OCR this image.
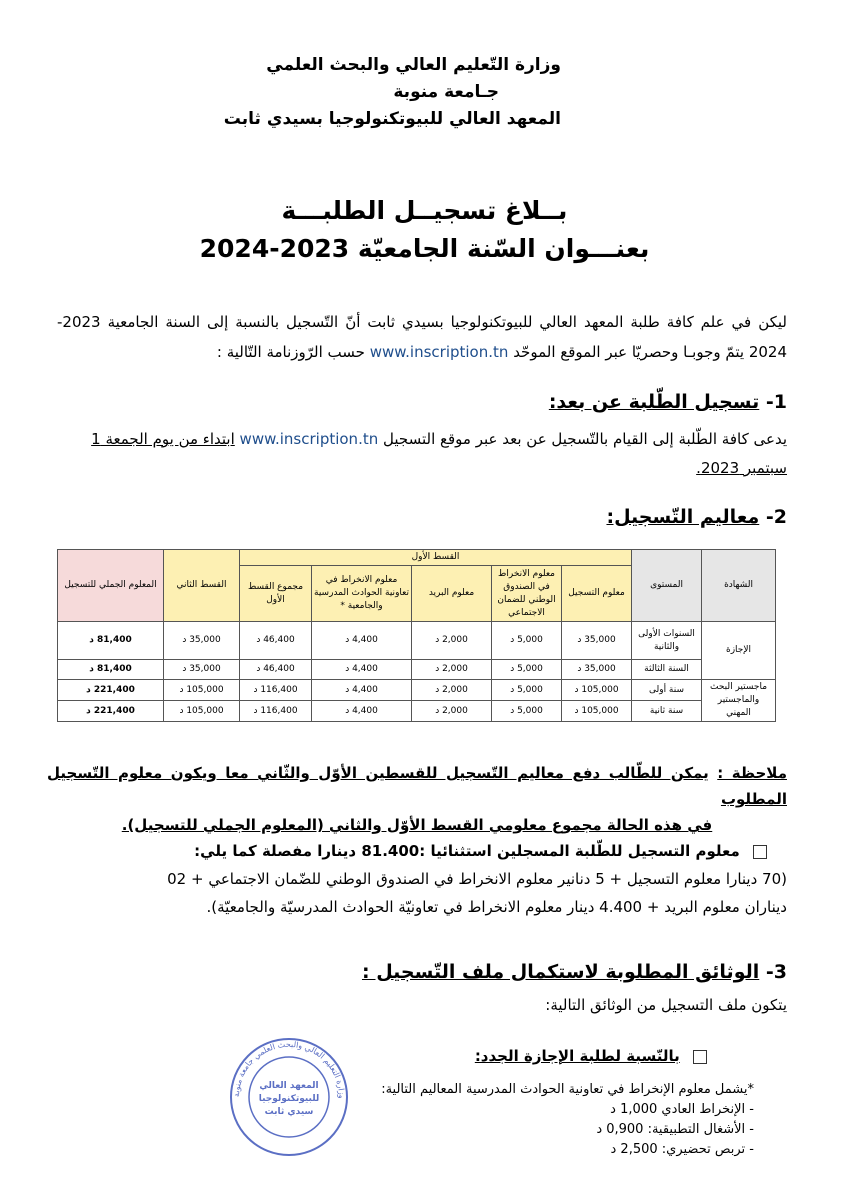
وزارة التّعليم العالي والبحث العلمي
جـامعة منوبة
المعهد العالي للبيوتكنولوجيا بسيدي ثابت
بــلاغ تسجيــل الطلبـــة
بعنـــوان السّنة الجامعيّة 2023-2024
ليكن في علم كافة طلبة المعهد العالي للبيوتكنولوجيا بسيدي ثابت أنّ التّسجيل بالنسبة إلى السنة الجامعية 2023-2024 يتمّ وجوبـا وحصريّا عبر الموقع الموحّد www.inscription.tn حسب الرّوزنامة التّالية :
1- تسجيل الطّلبة عن بعد:
يدعى كافة الطّلبة إلى القيام بالتّسجيل عن بعد عبر موقع التسجيل www.inscription.tn ابتداء من يوم الجمعة 1 سبتمبر 2023.
2- معاليم التّسجيل:
الشهادة	المستوى	القسط الأول					القسط الثاني	المعلوم الجملي للتسجيل
		معلوم التسجيل	معلوم الانخراط في الصندوق الوطني للضمان الاجتماعي	معلوم البريد	معلوم الانخراط في تعاونية الحوادث المدرسية والجامعية *	مجموع القسط الأول		
الإجازة	السنوات الأولى والثانية	35,000 د	5,000 د	2,000 د	4,400 د	46,400 د	35,000 د	81,400 د
	السنة الثالثة	35,000 د	5,000 د	2,000 د	4,400 د	46,400 د	35,000 د	81,400 د
ماجستير البحث والماجستير المهني	سنة أولى	105,000 د	5,000 د	2,000 د	4,400 د	116,400 د	105,000 د	221,400 د
	سنة ثانية	105,000 د	5,000 د	2,000 د	4,400 د	116,400 د	105,000 د	221,400 د
ملاحظة : يمكن للطّالب دفع معاليم التّسجيل للقسطين الأوّل والثّاني معا ويكون معلوم التّسجيل المطلوب
في هذه الحالة مجموع معلومي القسط الأوّل والثاني (المعلوم الجملي للتسجيل).
معلوم التسجيل للطّلبة المسجلين استثنائيا :81.400 دينارا مفصلة كما يلي:
(70 دينارا معلوم التسجيل + 5 دنانير معلوم الانخراط في الصندوق الوطني للضّمان الاجتماعي + 02
ديناران معلوم البريد + 4.400 دينار معلوم الانخراط في تعاونيّة الحوادث المدرسيّة والجامعيّة).
3- الوثائق المطلوبة لاستكمال ملف التّسجيل :
يتكون ملف التسجيل من الوثائق التالية:
بالنّسبة لطلبة الإجازة الجدد:
*يشمل معلوم الإنخراط في تعاونية الحوادث المدرسية المعاليم التالية:
- الإنخراط العادي 1,000 د
- الأشغال التطبيقية: 0,900 د
- تربص تحضيري: 2,500 د
وزارة التعليم العالي والبحث العلمي جامعة منوبة
المعهد العالي
للبيوتكنولوجيا
سيدي ثابت
